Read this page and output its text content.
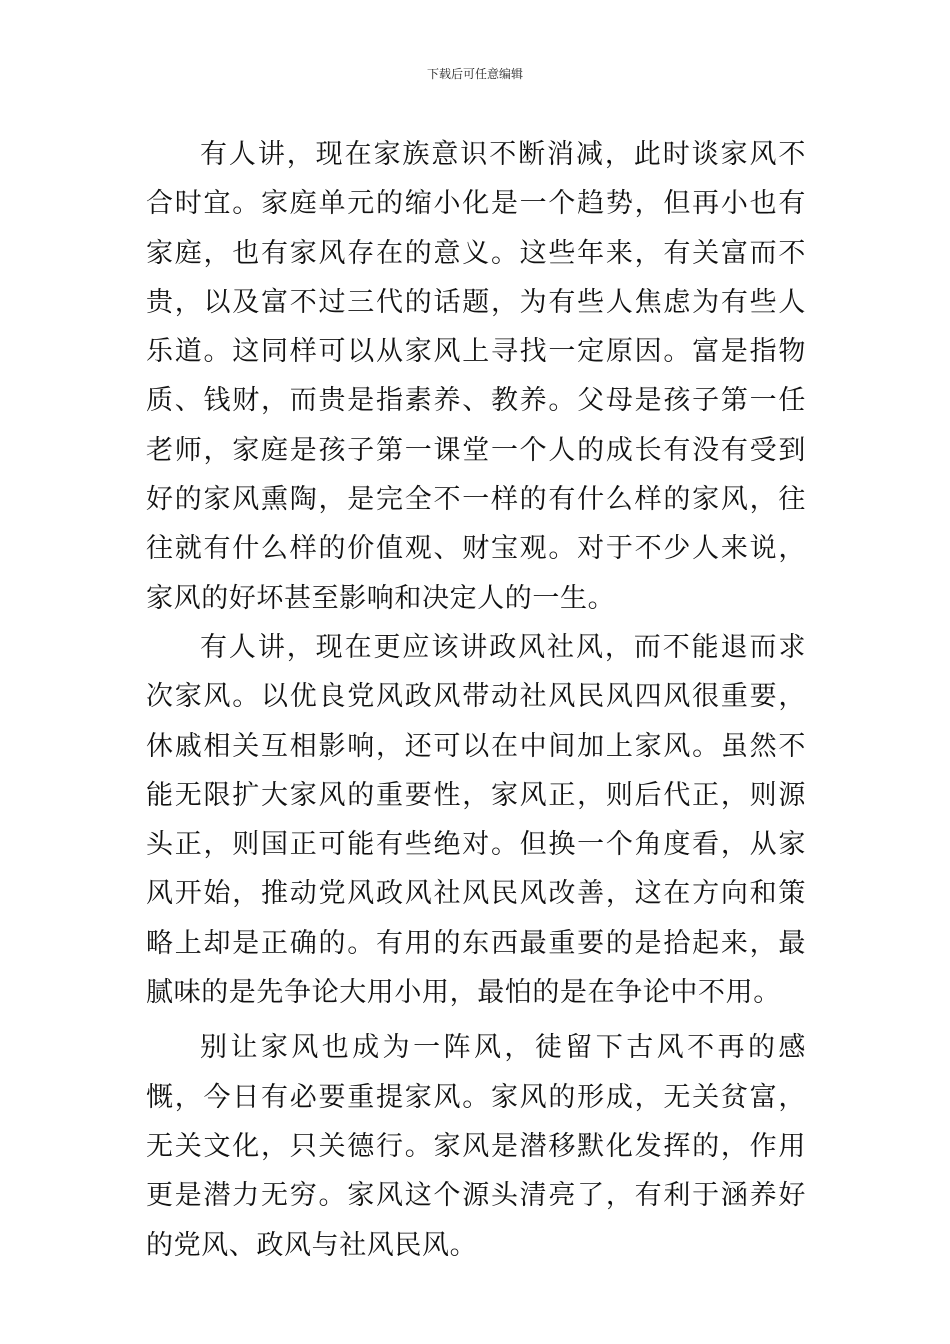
下载后可任意编辑

有人讲，现在家族意识不断消减，此时谈家风不合时宜。家庭单元的缩小化是一个趋势，但再小也有家庭，也有家风存在的意义。这些年来，有关富而不贵，以及富不过三代的话题，为有些人焦虑为有些人乐道。这同样可以从家风上寻找一定原因。富是指物质、钱财，而贵是指素养、教养。父母是孩子第一任老师，家庭是孩子第一课堂一个人的成长有没有受到好的家风熏陶，是完全不一样的有什么样的家风，往往就有什么样的价值观、财宝观。对于不少人来说，家风的好坏甚至影响和决定人的一生。

有人讲，现在更应该讲政风社风，而不能退而求次家风。以优良党风政风带动社风民风四风很重要，休戚相关互相影响，还可以在中间加上家风。虽然不能无限扩大家风的重要性，家风正，则后代正，则源头正，则国正可能有些绝对。但换一个角度看，从家风开始，推动党风政风社风民风改善，这在方向和策略上却是正确的。有用的东西最重要的是拾起来，最腻味的是先争论大用小用，最怕的是在争论中不用。

别让家风也成为一阵风，徒留下古风不再的感慨，今日有必要重提家风。家风的形成，无关贫富，无关文化，只关德行。家风是潜移默化发挥的，作用更是潜力无穷。家风这个源头清亮了，有利于涵养好的党风、政风与社风民风。
